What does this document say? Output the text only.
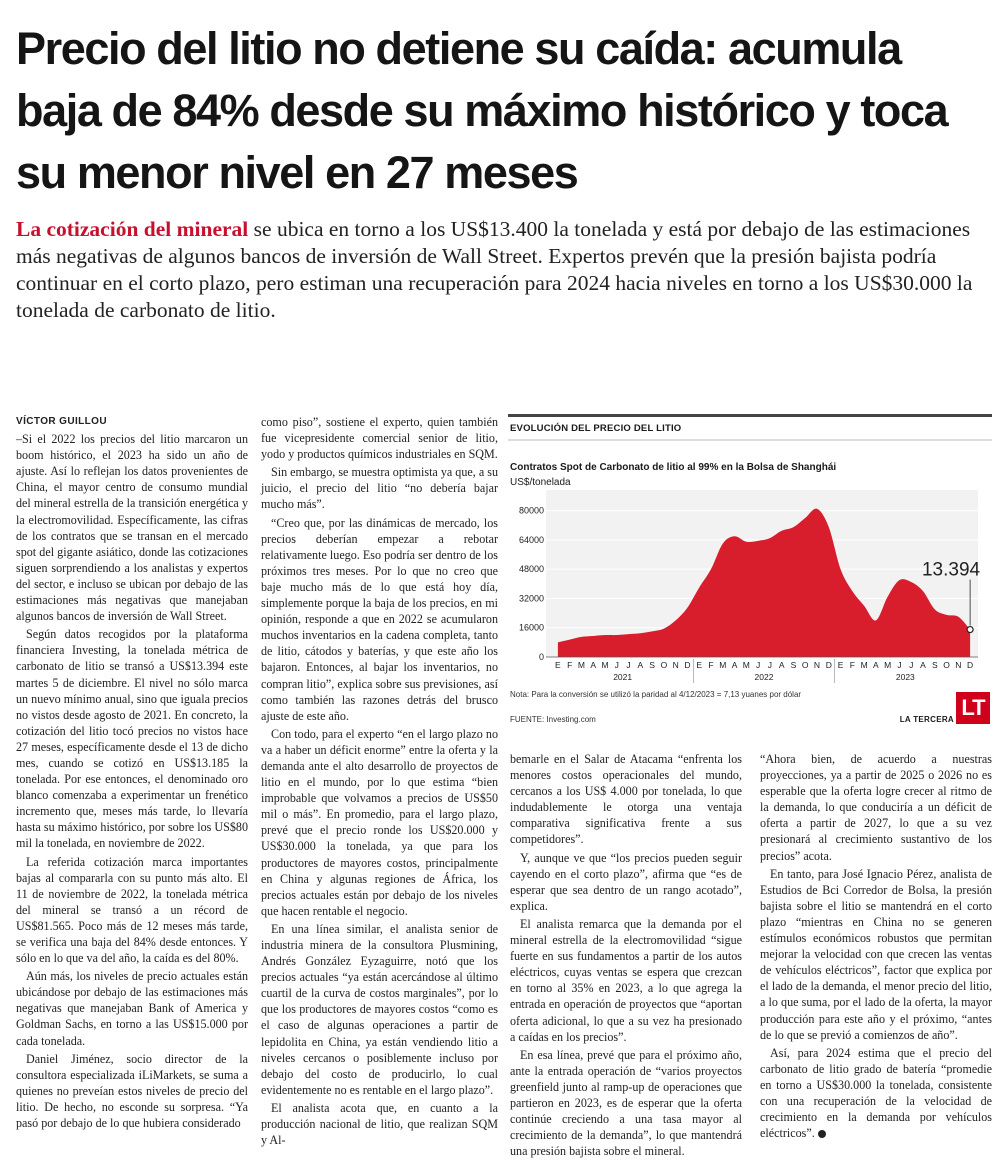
Precio del litio no detiene su caída: acumula baja de 84% desde su máximo histórico y toca su menor nivel en 27 meses

La cotización del mineral se ubica en torno a los US$13.400 la tonelada y está por debajo de las estimaciones más negativas de algunos bancos de inversión de Wall Street. Expertos prevén que la presión bajista podría continuar en el corto plazo, pero estiman una recuperación para 2024 hacia niveles en torno a los US$30.000 la tonelada de carbonato de litio.

VÍCTOR GUILLOU

–Si el 2022 los precios del litio marcaron un boom histórico, el 2023 ha sido un año de ajuste. Así lo reflejan los datos provenientes de China, el mayor centro de consumo mundial del mineral estrella de la transición energética y la electromovilidad. Específicamente, las cifras de los contratos que se transan en el mercado spot del gigante asiático, donde las cotizaciones siguen sorprendiendo a los analistas y expertos del sector, e incluso se ubican por debajo de las estimaciones más negativas que manejaban algunos bancos de inversión de Wall Street.

Según datos recogidos por la plataforma financiera Investing, la tonelada métrica de carbonato de litio se transó a US$13.394 este martes 5 de diciembre. El nivel no sólo marca un nuevo mínimo anual, sino que iguala precios no vistos desde agosto de 2021. En concreto, la cotización del litio tocó precios no vistos hace 27 meses, específicamente desde el 13 de dicho mes, cuando se cotizó en US$13.185 la tonelada. Por ese entonces, el denominado oro blanco comenzaba a experimentar un frenético incremento que, meses más tarde, lo llevaría hasta su máximo histórico, por sobre los US$80 mil la tonelada, en noviembre de 2022.

La referida cotización marca importantes bajas al compararla con su punto más alto. El 11 de noviembre de 2022, la tonelada métrica del mineral se transó a un récord de US$81.565. Poco más de 12 meses más tarde, se verifica una baja del 84% desde entonces. Y sólo en lo que va del año, la caída es del 80%.

Aún más, los niveles de precio actuales están ubicándose por debajo de las estimaciones más negativas que manejaban Bank of America y Goldman Sachs, en torno a las US$15.000 por cada tonelada.

Daniel Jiménez, socio director de la consultora especializada iLiMarkets, se suma a quienes no preveían estos niveles de precio del litio. De hecho, no esconde su sorpresa. “Ya pasó por debajo de lo que hubiera considerado

como piso”, sostiene el experto, quien también fue vicepresidente comercial senior de litio, yodo y productos químicos industriales en SQM.

Sin embargo, se muestra optimista ya que, a su juicio, el precio del litio “no debería bajar mucho más”.

“Creo que, por las dinámicas de mercado, los precios deberían empezar a rebotar relativamente luego. Eso podría ser dentro de los próximos tres meses. Por lo que no creo que baje mucho más de lo que está hoy día, simplemente porque la baja de los precios, en mi opinión, responde a que en 2022 se acumularon muchos inventarios en la cadena completa, tanto de litio, cátodos y baterías, y que este año los bajaron. Entonces, al bajar los inventarios, no compran litio”, explica sobre sus previsiones, así como también las razones detrás del brusco ajuste de este año.

Con todo, para el experto “en el largo plazo no va a haber un déficit enorme” entre la oferta y la demanda ante el alto desarrollo de proyectos de litio en el mundo, por lo que estima “bien improbable que volvamos a precios de US$50 mil o más”. En promedio, para el largo plazo, prevé que el precio ronde los US$20.000 y US$30.000 la tonelada, ya que para los productores de mayores costos, principalmente en China y algunas regiones de África, los precios actuales están por debajo de los niveles que hacen rentable el negocio.

En una línea similar, el analista senior de industria minera de la consultora Plusmining, Andrés González Eyzaguirre, notó que los precios actuales “ya están acercándose al último cuartil de la curva de costos marginales”, por lo que los productores de mayores costos “como es el caso de algunas operaciones a partir de lepidolita en China, ya están vendiendo litio a niveles cercanos o posiblemente incluso por debajo del costo de producirlo, lo cual evidentemente no es rentable en el largo plazo”.

El analista acota que, en cuanto a la producción nacional de litio, que realizan SQM y Al-

EVOLUCIÓN DEL PRECIO DEL LITIO
Contratos Spot de Carbonato de litio al 99% en la Bolsa de Shanghái
US$/tonelada
0
16000
32000
48000
64000
80000
E F M A M J J A S O N D E F M A M J J A S O N D E F M A M J J A S O N D
2021	2022	2023
13.394
Nota: Para la conversión se utilizó la paridad al 4/12/2023 = 7,13 yuanes por dólar
FUENTE: Investing.com	LA TERCERA LT

bemarle en el Salar de Atacama “enfrenta los menores costos operacionales del mundo, cercanos a los US$ 4.000 por tonelada, lo que indudablemente le otorga una ventaja comparativa significativa frente a sus competidores”.

Y, aunque ve que “los precios pueden seguir cayendo en el corto plazo”, afirma que “es de esperar que sea dentro de un rango acotado”, explica.

El analista remarca que la demanda por el mineral estrella de la electromovilidad “sigue fuerte en sus fundamentos a partir de los autos eléctricos, cuyas ventas se espera que crezcan en torno al 35% en 2023, a lo que agrega la entrada en operación de proyectos que “aportan oferta adicional, lo que a su vez ha presionado a caídas en los precios”.

En esa línea, prevé que para el próximo año, ante la entrada operación de “varios proyectos greenfield junto al ramp-up de operaciones que partieron en 2023, es de esperar que la oferta continúe creciendo a una tasa mayor al crecimiento de la demanda”, lo que mantendrá una presión bajista sobre el mineral.

“Ahora bien, de acuerdo a nuestras proyecciones, ya a partir de 2025 o 2026 no es esperable que la oferta logre crecer al ritmo de la demanda, lo que conduciría a un déficit de oferta a partir de 2027, lo que a su vez presionará al crecimiento sustantivo de los precios” acota.

En tanto, para José Ignacio Pérez, analista de Estudios de Bci Corredor de Bolsa, la presión bajista sobre el litio se mantendrá en el corto plazo “mientras en China no se generen estímulos económicos robustos que permitan mejorar la velocidad con que crecen las ventas de vehículos eléctricos”, factor que explica por el lado de la demanda, el menor precio del litio, a lo que suma, por el lado de la oferta, la mayor producción para este año y el próximo, “antes de lo que se previó a comienzos de año”.

Así, para 2024 estima que el precio del carbonato de litio grado de batería “promedie en torno a US$30.000 la tonelada, consistente con una recuperación de la velocidad de crecimiento en la demanda por vehículos eléctricos”.
